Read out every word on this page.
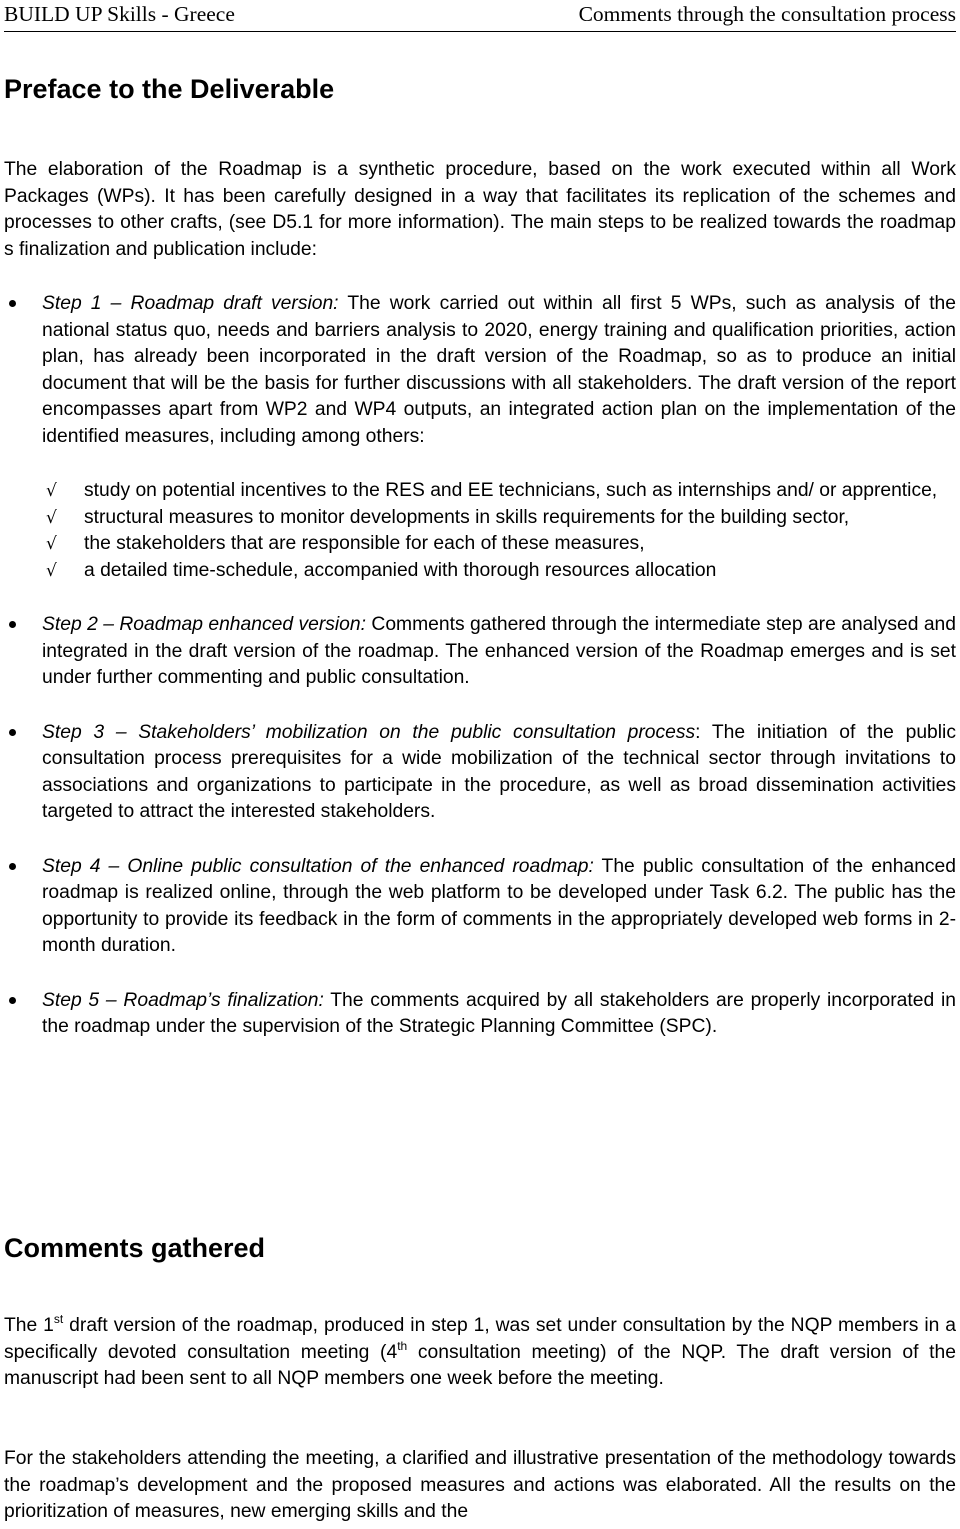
BUILD UP Skills - Greece	Comments through the consultation process
Preface to the Deliverable

The elaboration of the Roadmap is a synthetic procedure, based on the work executed within all Work Packages (WPs). It has been carefully designed in a way that facilitates its replication of the schemes and processes to other crafts, (see D5.1 for more information). The main steps to be realized towards the roadmap s finalization and publication include:

Step 1 – Roadmap draft version: The work carried out within all first 5 WPs, such as analysis of the national status quo, needs and barriers analysis to 2020, energy training and qualification priorities, action plan, has already been incorporated in the draft version of the Roadmap, so as to produce an initial document that will be the basis for further discussions with all stakeholders. The draft version of the report encompasses apart from WP2 and WP4 outputs, an integrated action plan on the implementation of the identified measures, including among others:
√ study on potential incentives to the RES and EE technicians, such as internships and/ or apprentice,
√ structural measures to monitor developments in skills requirements for the building sector,
√ the stakeholders that are responsible for each of these measures,
√ a detailed time-schedule, accompanied with thorough resources allocation
Step 2 – Roadmap enhanced version: Comments gathered through the intermediate step are analysed and integrated in the draft version of the roadmap. The enhanced version of the Roadmap emerges and is set under further commenting and public consultation.
Step 3 – Stakeholders’ mobilization on the public consultation process: The initiation of the public consultation process prerequisites for a wide mobilization of the technical sector through invitations to associations and organizations to participate in the procedure, as well as broad dissemination activities targeted to attract the interested stakeholders.
Step 4 – Online public consultation of the enhanced roadmap: The public consultation of the enhanced roadmap is realized online, through the web platform to be developed under Task 6.2. The public has the opportunity to provide its feedback in the form of comments in the appropriately developed web forms in 2-month duration.
Step 5 – Roadmap’s finalization: The comments acquired by all stakeholders are properly incorporated in the roadmap under the supervision of the Strategic Planning Committee (SPC).
Comments gathered

The 1st draft version of the roadmap, produced in step 1, was set under consultation by the NQP members in a specifically devoted consultation meeting (4th consultation meeting) of the NQP. The draft version of the manuscript had been sent to all NQP members one week before the meeting.

For the stakeholders attending the meeting, a clarified and illustrative presentation of the methodology towards the roadmap’s development and the proposed measures and actions was elaborated. All the results on the prioritization of measures, new emerging skills and the
